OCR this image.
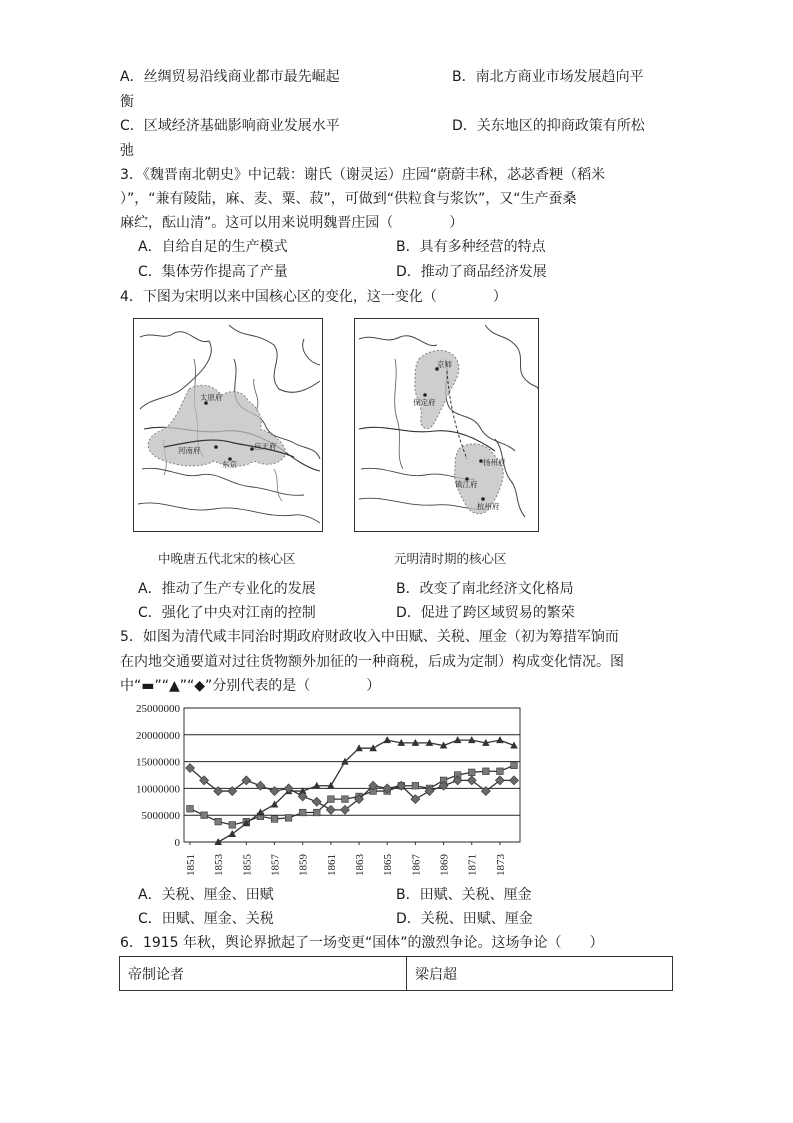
A．丝绸贸易沿线商业都市最先崛起	B．南北方商业市场发展趋向平
衡
C．区域经济基础影响商业发展水平	D．关东地区的抑商政策有所松
弛
3．《魏晋南北朝史》中记载：谢氏（谢灵运）庄园“蔚蔚丰秫，苾苾香粳（稻米
）”，“兼有陵陆，麻、麦、粟、菽”，可做到“供粒食与浆饮”，又“生产蚕桑
麻纻，酝山清”。这可以用来说明魏晋庄园（　　　　）
A．自给自足的生产模式	B．具有多种经营的特点
C．集体劳作提高了产量	D．推动了商品经济发展
4．下图为宋明以来中国核心区的变化，这一变化（　　　　）
太原府
河南府
东京
应天府
京师
保定府
扬州府
镇江府
杭州府
中晚唐五代北宋的核心区	元明清时期的核心区
A．推动了生产专业化的发展	B．改变了南北经济文化格局
C．强化了中央对江南的控制	D．促进了跨区域贸易的繁荣
5．如图为清代咸丰同治时期政府财政收入中田赋、关税、厘金（初为筹措军饷而
在内地交通要道对过往货物额外加征的一种商税，后成为定制）构成变化情况。图
中“▬”“▲”“◆”分别代表的是（　　　　）
0
5000000
10000000
15000000
20000000
25000000
1851 1853 1855 1857 1859 1861 1863 1865 1867 1869 1871 1873
A．关税、厘金、田赋	B．田赋、关税、厘金
C．田赋、厘金、关税	D．关税、田赋、厘金
6．1915 年秋，舆论界掀起了一场变更“国体”的激烈争论。这场争论（　　）
帝制论者	梁启超
